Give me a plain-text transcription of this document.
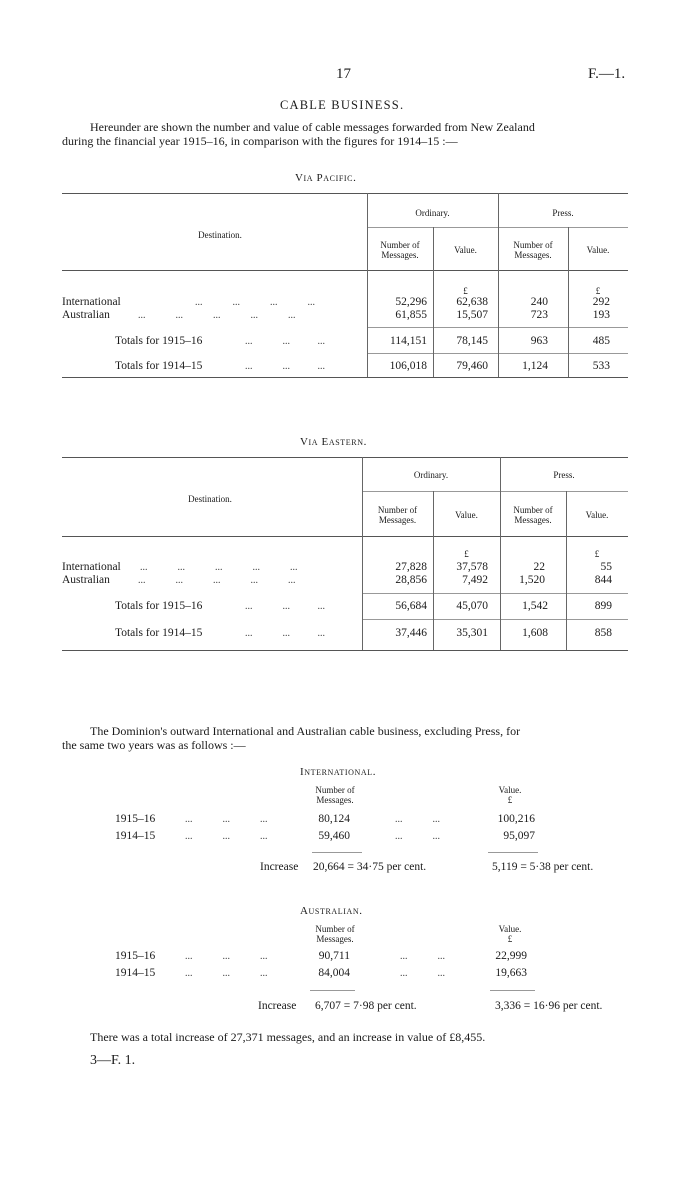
17	F.—1.
CABLE BUSINESS.
Hereunder are shown the number and value of cable messages forwarded from New Zealand
during the financial year 1915–16, in comparison with the figures for 1914–15 :—
Via Pacific.
Destination.
Ordinary.	Press.
Number of
Messages.	Value.	Number of
Messages.	Value.
£	£
International	...            ...            ...            ...	52,296	62,638	240	292
Australian	...            ...            ...            ...            ...	61,855	15,507	723	193
Totals for 1915–16	...            ...           ...	114,151	78,145	963	485
Totals for 1914–15	...            ...           ...	106,018	79,460	1,124	533
Via Eastern.
Destination.
Ordinary.	Press.
Number of
Messages.	Value.	Number of
Messages.	Value.
£	£
International ...            ...            ...            ...            ...	27,828	37,578	22	55
Australian	...            ...            ...            ...            ...	28,856	7,492	1,520	844
Totals for 1915–16	...            ...           ...	56,684	45,070	1,542	899
Totals for 1914–15	...            ...           ...	37,446	35,301	1,608	858
The Dominion's outward International and Australian cable business, excluding Press, for
the same two years was as follows :—
International.
Number of
Messages.
Value.
£
1915–16	...            ...            ...	80,124	...            ...	100,216
1914–15	...            ...            ...	59,460	...            ...	95,097
Increase 20,664 = 34·75 per cent.	5,119 = 5·38 per cent.
Australian.
Number of
Messages.
Value.
£
1915–16	...            ...            ...	90,711	...            ...	22,999
1914–15	...            ...            ...	84,004	...            ...	19,663
Increase 6,707 = 7·98 per cent.	3,336 = 16·96 per cent.
There was a total increase of 27,371 messages, and an increase in value of £8,455.
3—F. 1.
